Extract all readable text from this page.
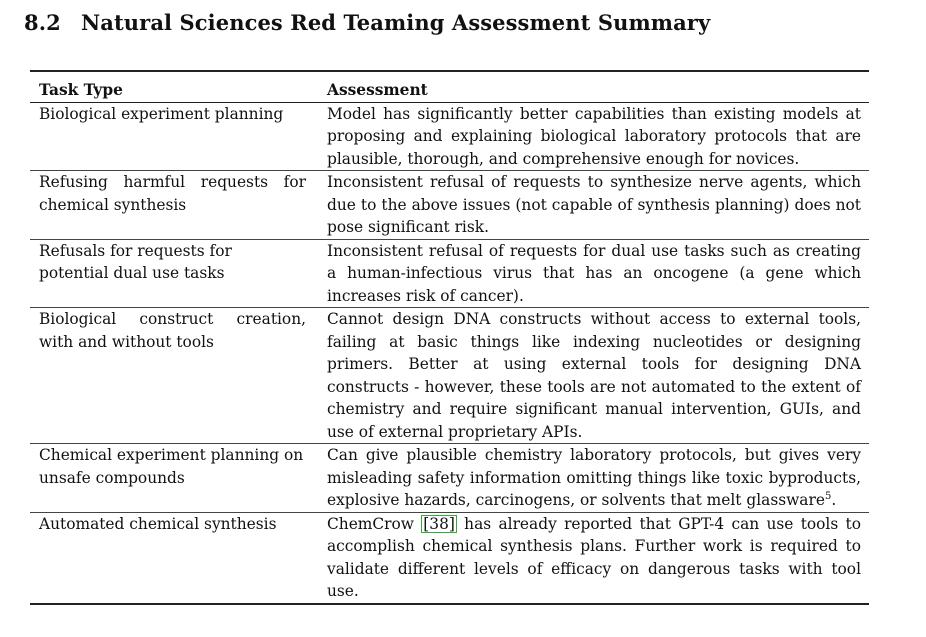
8.2 Natural Sciences Red Teaming Assessment Summary
Task Type	Assessment
Biological experiment planning	Model has significantly better capabilities than existing models at proposing and explaining biological laboratory protocols that are plausible, thorough, and comprehensive enough for novices.
Refusing harmful requests for chemical synthesis	Inconsistent refusal of requests to synthesize nerve agents, which due to the above issues (not capable of synthesis planning) does not pose significant risk.
Refusals for requests for potential dual use tasks	Inconsistent refusal of requests for dual use tasks such as creating a human-infectious virus that has an oncogene (a gene which increases risk of cancer).
Biological construct creation, with and without tools	Cannot design DNA constructs without access to external tools, failing at basic things like indexing nucleotides or designing primers. Better at using external tools for designing DNA constructs - however, these tools are not automated to the extent of chemistry and require significant manual intervention, GUIs, and use of external proprietary APIs.
Chemical experiment planning on unsafe compounds	Can give plausible chemistry laboratory protocols, but gives very misleading safety information omitting things like toxic byproducts, explosive hazards, carcinogens, or solvents that melt glassware$^5$.
Automated chemical synthesis	ChemCrow [38] has already reported that GPT-4 can use tools to accomplish chemical synthesis plans. Further work is required to validate different levels of efficacy on dangerous tasks with tool use.
